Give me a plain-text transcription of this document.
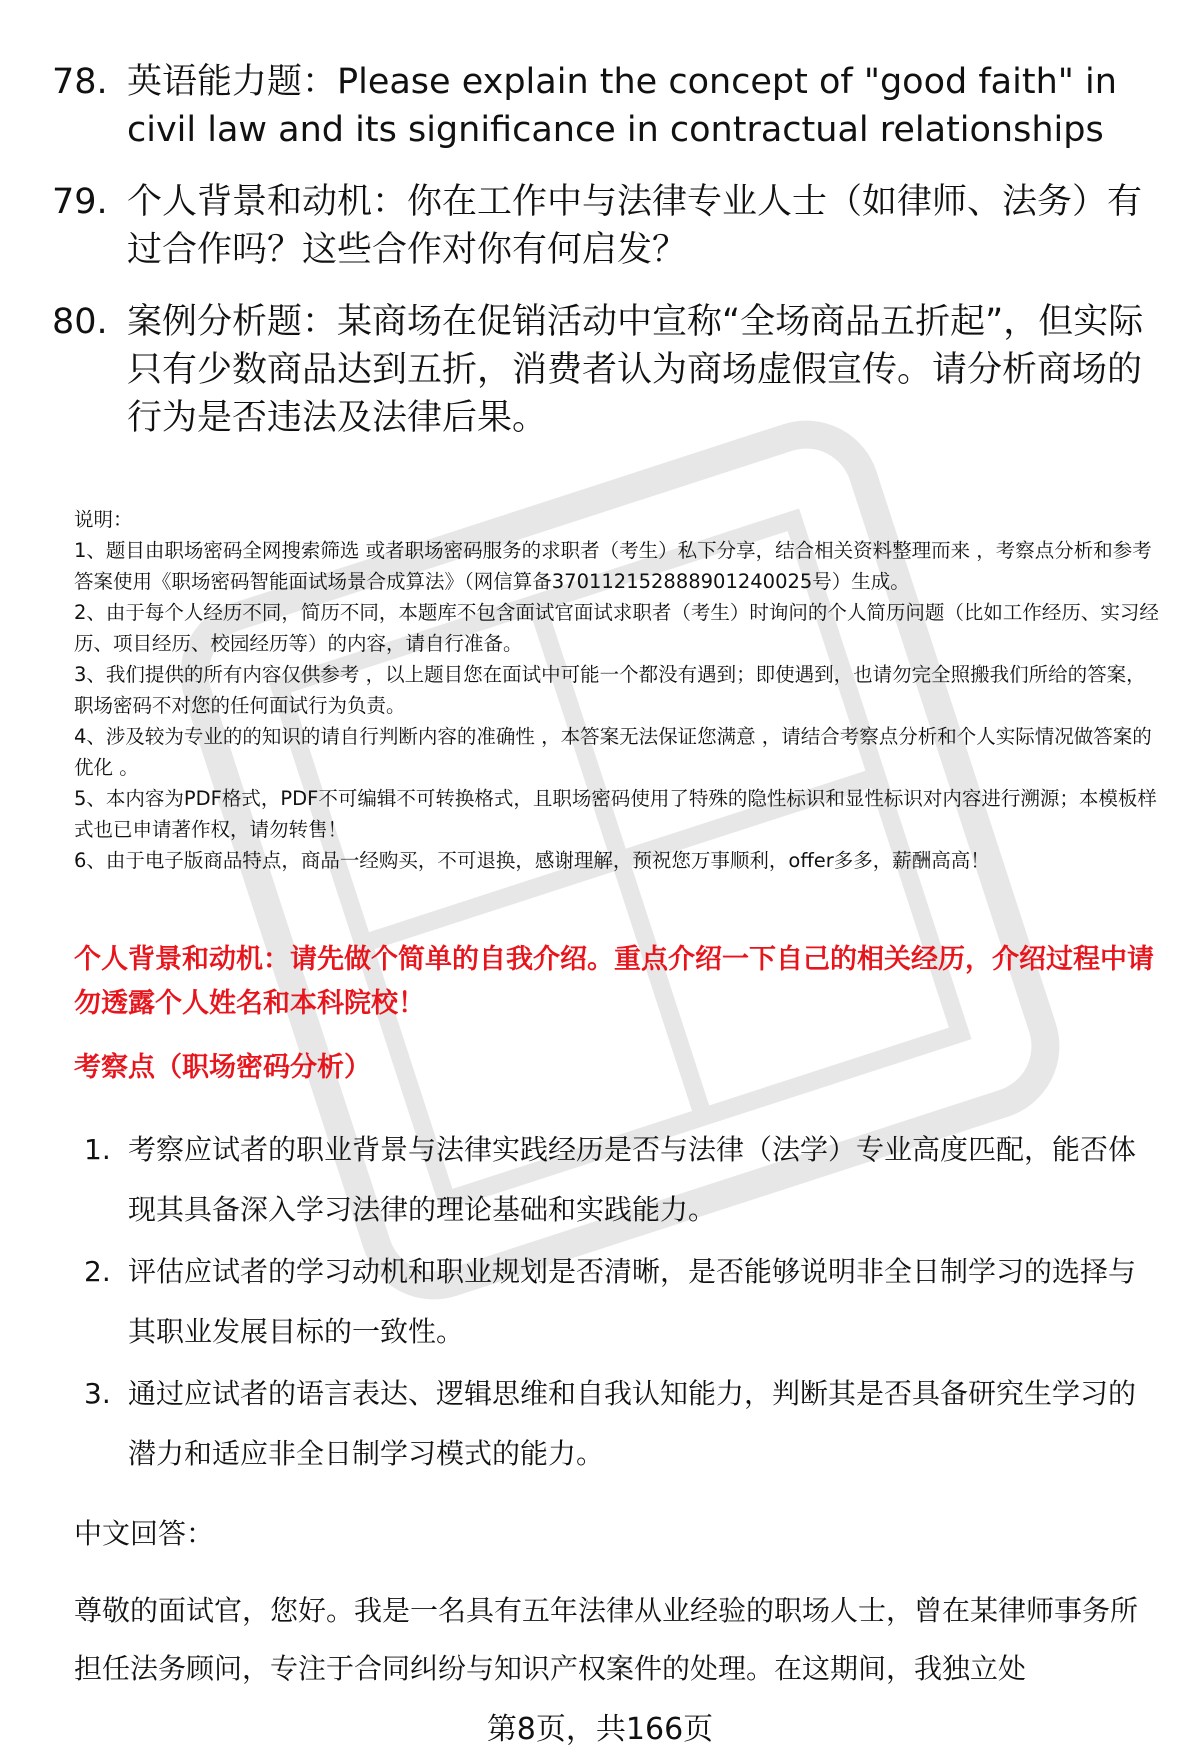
78. 英语能力题：Please explain the concept of "good faith" in civil law and its significance in contractual relationships
79. 个人背景和动机：你在工作中与法律专业人士（如律师、法务）有过合作吗？这些合作对你有何启发？
80. 案例分析题：某商场在促销活动中宣称“全场商品五折起”，但实际只有少数商品达到五折，消费者认为商场虚假宣传。请分析商场的行为是否违法及法律后果。

说明：

1、题目由职场密码全网搜索筛选 或者职场密码服务的求职者（考生）私下分享，结合相关资料整理而来 ，考察点分析和参考答案使用《职场密码智能面试场景合成算法》（网信算备370112152888901240025号）生成。

2、由于每个人经历不同，简历不同，本题库不包含面试官面试求职者（考生）时询问的个人简历问题（比如工作经历、实习经历、项目经历、校园经历等）的内容，请自行准备。

3、我们提供的所有内容仅供参考 ，以上题目您在面试中可能一个都没有遇到；即使遇到，也请勿完全照搬我们所给的答案，职场密码不对您的任何面试行为负责。

4、涉及较为专业的的知识的请自行判断内容的准确性 ，本答案无法保证您满意 ，请结合考察点分析和个人实际情况做答案的优化 。

5、本内容为PDF格式，PDF不可编辑不可转换格式，且职场密码使用了特殊的隐性标识和显性标识对内容进行溯源；本模板样式也已申请著作权，请勿转售！

6、由于电子版商品特点，商品一经购买，不可退换，感谢理解，预祝您万事顺利，offer多多，薪酬高高！

个人背景和动机：请先做个简单的自我介绍。重点介绍一下自己的相关经历，介绍过程中请勿透露个人姓名和本科院校！
考察点（职场密码分析）
1. 考察应试者的职业背景与法律实践经历是否与法律（法学）专业高度匹配，能否体现其具备深入学习法律的理论基础和实践能力。
2. 评估应试者的学习动机和职业规划是否清晰，是否能够说明非全日制学习的选择与其职业发展目标的一致性。
3. 通过应试者的语言表达、逻辑思维和自我认知能力，判断其是否具备研究生学习的潜力和适应非全日制学习模式的能力。
中文回答：
尊敬的面试官，您好。我是一名具有五年法律从业经验的职场人士，曾在某律师事务所担任法务顾问，专注于合同纠纷与知识产权案件的处理。在这期间，我独立处
第8页，共166页
